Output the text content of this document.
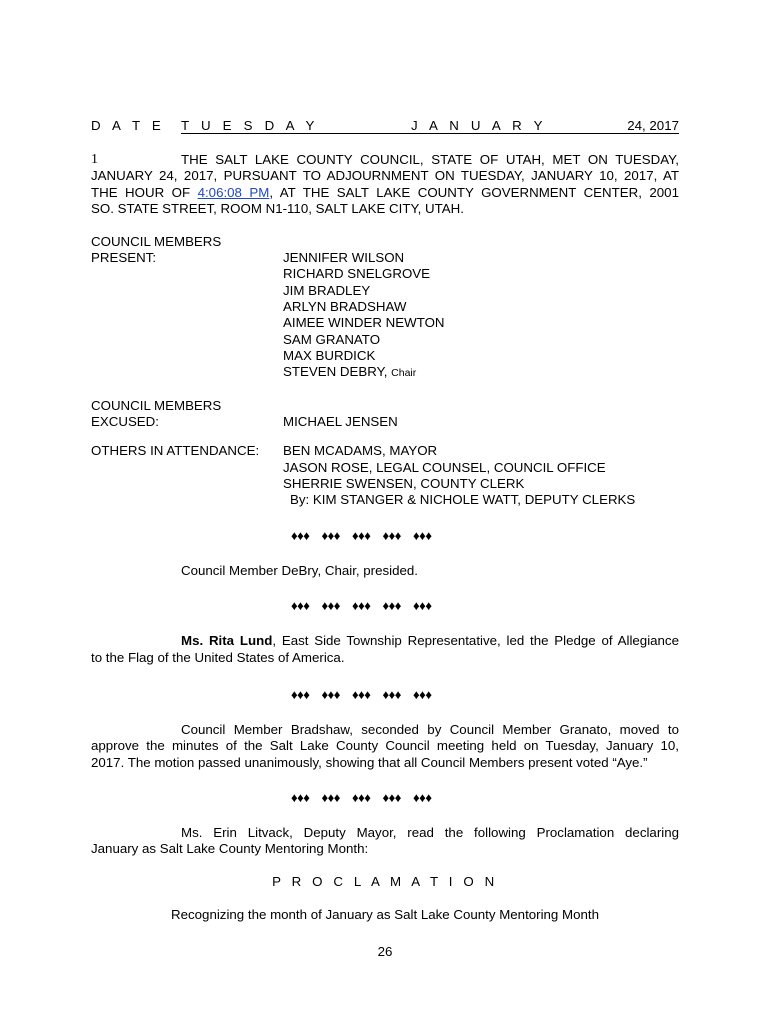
D A T E T U E S D A Y	J A N U A R Y	24, 2017
1	THE SALT LAKE COUNTY COUNCIL, STATE OF UTAH, MET ON TUESDAY,
JANUARY 24, 2017, PURSUANT TO ADJOURNMENT ON TUESDAY, JANUARY 10, 2017, AT
THE HOUR OF 4:06:08 PM, AT THE SALT LAKE COUNTY GOVERNMENT CENTER, 2001
SO. STATE STREET, ROOM N1-110, SALT LAKE CITY, UTAH.
COUNCIL MEMBERS
PRESENT:	JENNIFER WILSON
RICHARD SNELGROVE
JIM BRADLEY
ARLYN BRADSHAW
AIMEE WINDER NEWTON
SAM GRANATO
MAX BURDICK
STEVEN DEBRY, Chair
COUNCIL MEMBERS
EXCUSED:	MICHAEL JENSEN
OTHERS IN ATTENDANCE: BEN MCADAMS, MAYOR
JASON ROSE, LEGAL COUNSEL, COUNCIL OFFICE
SHERRIE SWENSEN, COUNTY CLERK
By: KIM STANGER & NICHOLE WATT, DEPUTY CLERKS
♦♦♦ ♦♦♦ ♦♦♦ ♦♦♦ ♦♦♦
Council Member DeBry, Chair, presided.
♦♦♦ ♦♦♦ ♦♦♦ ♦♦♦ ♦♦♦
Ms. Rita Lund, East Side Township Representative, led the Pledge of Allegiance
to the Flag of the United States of America.
♦♦♦ ♦♦♦ ♦♦♦ ♦♦♦ ♦♦♦
Council Member Bradshaw, seconded by Council Member Granato, moved to
approve the minutes of the Salt Lake County Council meeting held on Tuesday, January 10,
2017. The motion passed unanimously, showing that all Council Members present voted “Aye.”
♦♦♦ ♦♦♦ ♦♦♦ ♦♦♦ ♦♦♦
Ms. Erin Litvack, Deputy Mayor, read the following Proclamation declaring
January as Salt Lake County Mentoring Month:
P R O C L A M A T I O N
Recognizing the month of January as Salt Lake County Mentoring Month
26
